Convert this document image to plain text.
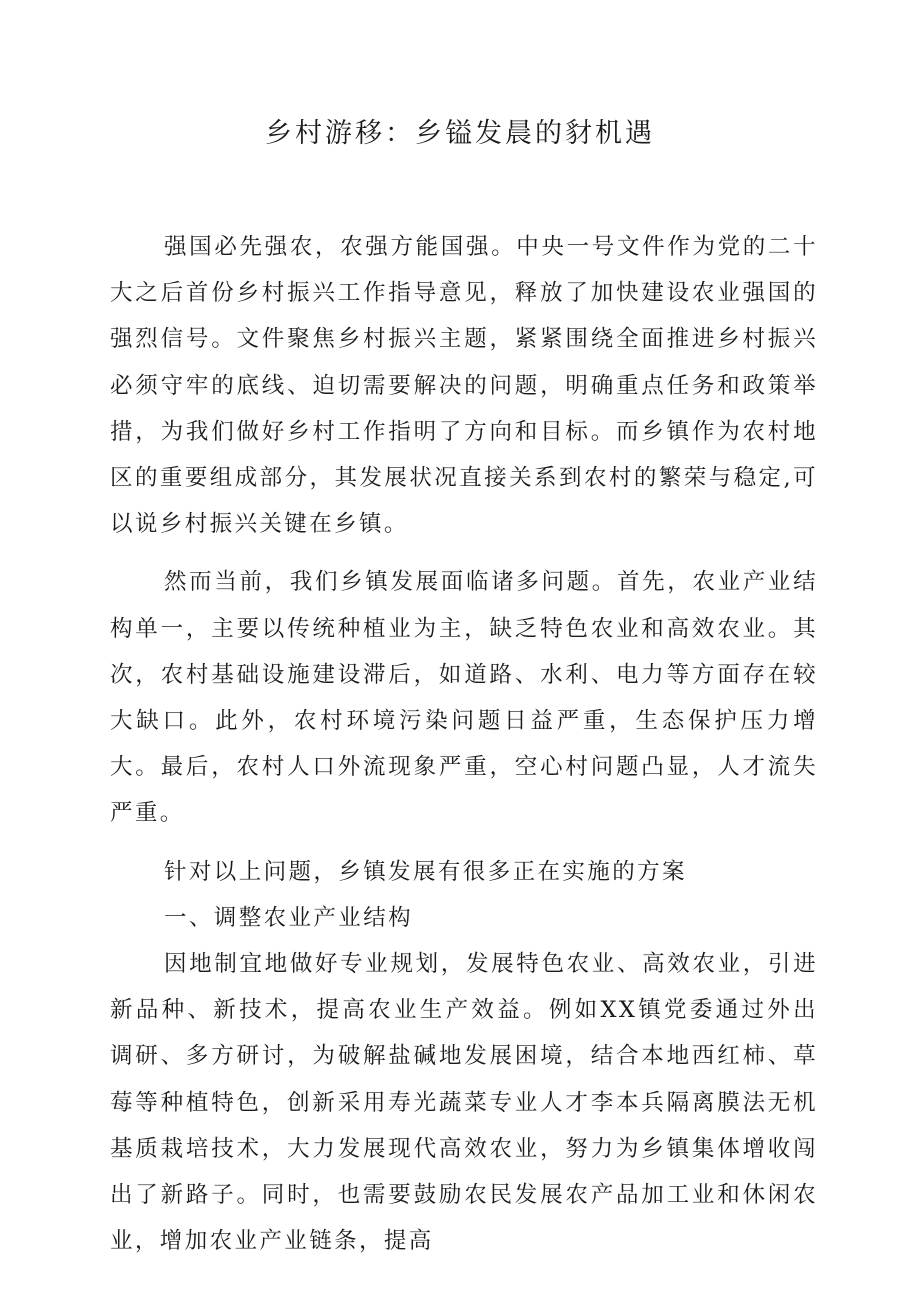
乡村游移：乡镒发晨的豺机遇

强国必先强农，农强方能国强。中央一号文件作为党的二十大之后首份乡村振兴工作指导意见，释放了加快建设农业强国的强烈信号。文件聚焦乡村振兴主题，紧紧围绕全面推进乡村振兴必须守牢的底线、迫切需要解决的问题，明确重点任务和政策举措，为我们做好乡村工作指明了方向和目标。而乡镇作为农村地区的重要组成部分，其发展状况直接关系到农村的繁荣与稳定,可以说乡村振兴关键在乡镇。

然而当前，我们乡镇发展面临诸多问题。首先，农业产业结构单一，主要以传统种植业为主，缺乏特色农业和高效农业。其次，农村基础设施建设滞后，如道路、水利、电力等方面存在较大缺口。此外，农村环境污染问题日益严重，生态保护压力增大。最后，农村人口外流现象严重，空心村问题凸显，人才流失严重。

针对以上问题，乡镇发展有很多正在实施的方案

一、调整农业产业结构

因地制宜地做好专业规划，发展特色农业、高效农业，引进新品种、新技术，提高农业生产效益。例如XX镇党委通过外出调研、多方研讨，为破解盐碱地发展困境，结合本地西红柿、草莓等种植特色，创新采用寿光蔬菜专业人才李本兵隔离膜法无机基质栽培技术，大力发展现代高效农业，努力为乡镇集体增收闯出了新路子。同时，也需要鼓励农民发展农产品加工业和休闲农业，增加农业产业链条，提高
